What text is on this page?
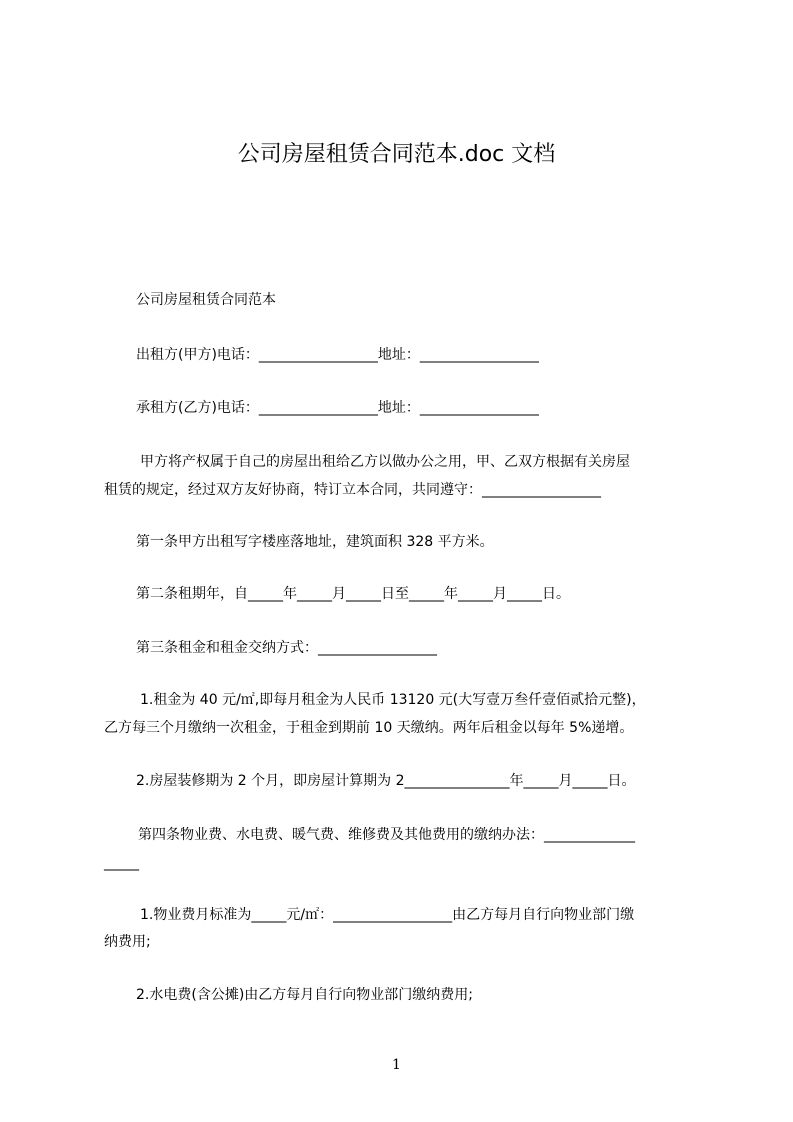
公司房屋租赁合同范本.doc 文档
公司房屋租赁合同范本
出租方(甲方)电话：_________________地址：_________________
承租方(乙方)电话：_________________地址：_________________
甲方将产权属于自己的房屋出租给乙方以做办公之用，甲、乙双方根据有关房屋
租赁的规定，经过双方友好协商，特订立本合同，共同遵守：_________________
第一条甲方出租写字楼座落地址，建筑面积 328 平方米。
第二条租期年，自_____年_____月_____日至_____年_____月_____日。
第三条租金和租金交纳方式：_________________
1.租金为 40 元/㎡,即每月租金为人民币 13120 元(大写壹万叁仟壹佰贰拾元整)，
乙方每三个月缴纳一次租金，于租金到期前 10 天缴纳。两年后租金以每年 5%递增。
2.房屋装修期为 2 个月，即房屋计算期为 2_______________年_____月_____日。
第四条物业费、水电费、暖气费、维修费及其他费用的缴纳办法：_____________
_____
1.物业费月标准为_____元/㎡：_________________由乙方每月自行向物业部门缴
纳费用;
2.水电费(含公摊)由乙方每月自行向物业部门缴纳费用;
1
